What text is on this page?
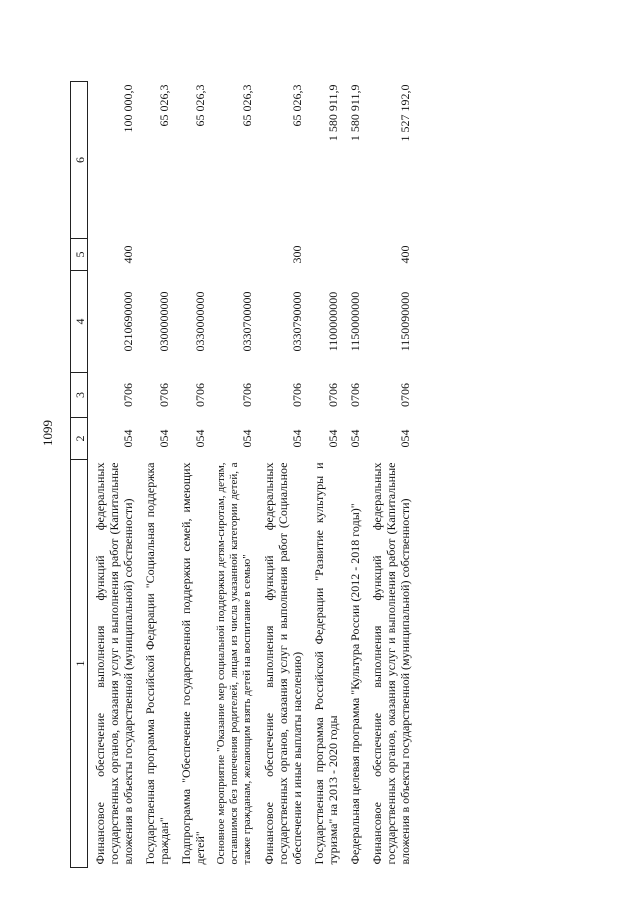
1099
1	2	3	4	5	6
Финансовое обеспечение выполнения функций федеральных государственных органов, оказания услуг и выполнения работ (Капитальные вложения в объекты государственной (муниципальной) собственности)	054	0706	0210690000	400	100 000,0
Государственная программа Российской Федерации "Социальная поддержка граждан"	054	0706	0300000000		65 026,3
Подпрограмма "Обеспечение государственной поддержки семей, имеющих детей"	054	0706	0330000000		65 026,3
Основное мероприятие "Оказание мер социальной поддержки детям-сиротам, детям, оставшимся без попечения родителей, лицам из числа указанной категории детей, а также гражданам, желающим взять детей на воспитание в семью"	054	0706	0330700000		65 026,3
Финансовое обеспечение выполнения функций федеральных государственных органов, оказания услуг и выполнения работ (Социальное обеспечение и иные выплаты населению)	054	0706	0330790000	300	65 026,3
Государственная программа Российской Федерации "Развитие культуры и туризма" на 2013 - 2020 годы	054	0706	1100000000		1 580 911,9
Федеральная целевая программа "Культура России (2012 - 2018 годы)"	054	0706	1150000000		1 580 911,9
Финансовое обеспечение выполнения функций федеральных государственных органов, оказания услуг и выполнения работ (Капитальные вложения в объекты государственной (муниципальной) собственности)	054	0706	1150090000	400	1 527 192,0
